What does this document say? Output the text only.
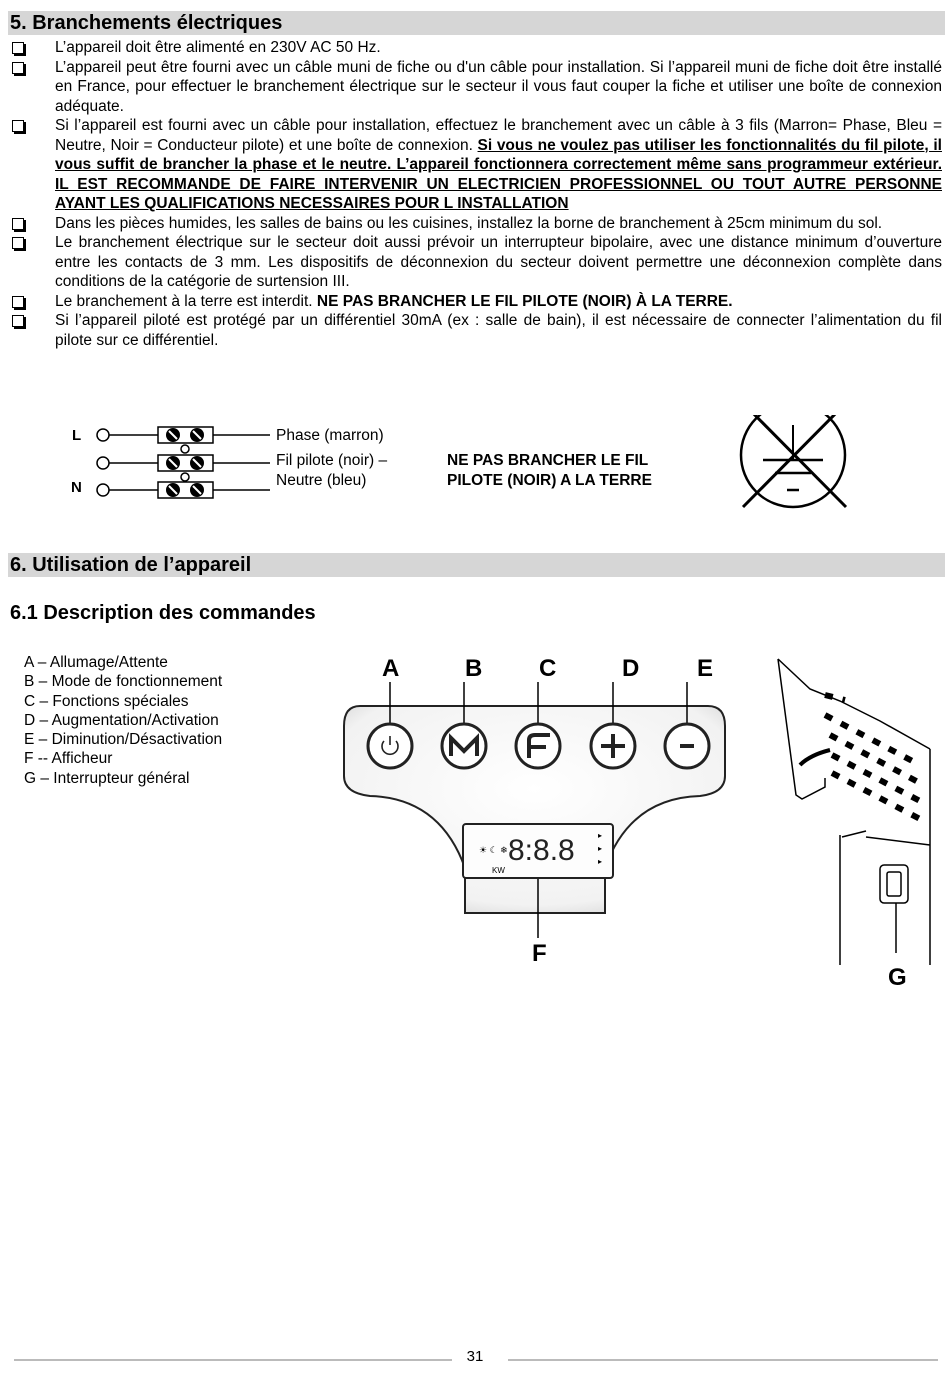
5. Branchements électriques

L’appareil doit être alimenté en 230V AC 50 Hz.

L’appareil peut être fourni avec un câble muni de fiche ou d'un câble pour installation. Si l’appareil muni de fiche doit être installé en France, pour effectuer le branchement électrique sur le secteur il vous faut couper la fiche et utiliser une boîte de connexion adéquate.

Si l’appareil est fourni avec un câble pour installation, effectuez le branchement avec un câble à 3 fils (Marron= Phase, Bleu = Neutre, Noir = Conducteur pilote) et une boîte de connexion. Si vous ne voulez pas utiliser les fonctionnalités du fil pilote, il vous suffit de brancher la phase et le neutre. L’appareil fonctionnera correctement même sans programmeur extérieur. IL EST RECOMMANDE DE FAIRE INTERVENIR UN ELECTRICIEN PROFESSIONNEL OU TOUT AUTRE PERSONNE AYANT LES QUALIFICATIONS NECESSAIRES POUR L INSTALLATION

Dans les pièces humides, les salles de bains ou les cuisines, installez la borne de branchement à 25cm minimum du sol.

Le branchement électrique sur le secteur doit aussi prévoir un interrupteur bipolaire, avec une distance minimum d’ouverture entre les contacts de 3 mm. Les dispositifs de déconnexion du secteur doivent permettre une déconnexion complète dans conditions de la catégorie de surtension III.

Le branchement à la terre est interdit. NE PAS BRANCHER LE FIL PILOTE (NOIR) À LA TERRE.

Si l’appareil piloté est protégé par un différentiel 30mA (ex : salle de bain), il est nécessaire de connecter l’alimentation du fil pilote sur ce différentiel.

L
N
Phase (marron)
Fil pilote (noir) –
Neutre (bleu)
NE PAS BRANCHER LE FIL
PILOTE (NOIR) A LA TERRE
6. Utilisation de l’appareil
6.1 Description des commandes
A – Allumage/Attente
B – Mode de fonctionnement
C – Fonctions spéciales
D – Augmentation/Activation
E – Diminution/Désactivation
F -- Afficheur
G – Interrupteur général
A	B C	D E
F
☀ ☾ ❄ 8:8.8
KW
▸
▸
▸
G
31
